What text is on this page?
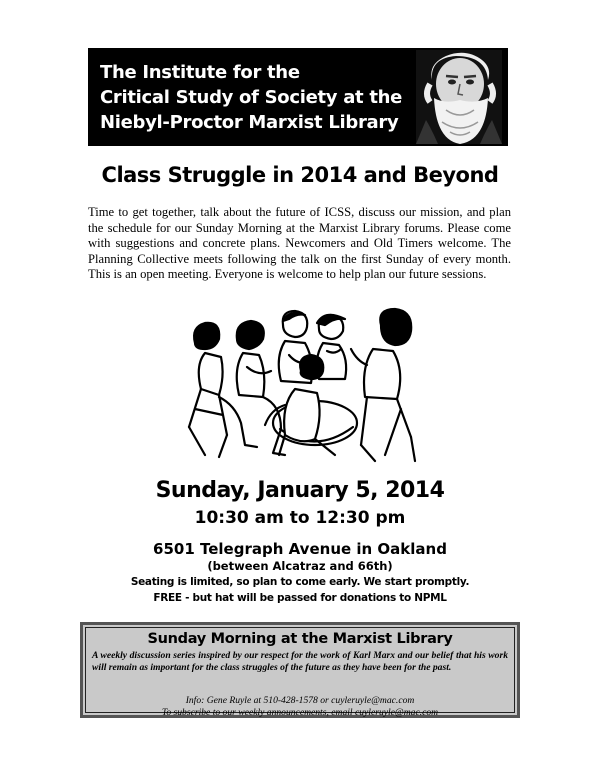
The Institute for the
Critical Study of Society at the
Niebyl-Proctor Marxist Library
Class Struggle in 2014 and Beyond
Time to get together, talk about the future of ICSS, discuss our mission, and plan the schedule for our Sunday Morning at the Marxist Library forums. Please come with suggestions and concrete plans. Newcomers and Old Timers welcome. The Planning Collective meets following the talk on the first Sunday of every month. This is an open meeting. Everyone is welcome to help plan our future sessions.
Sunday, January 5, 2014
10:30 am to 12:30 pm
6501 Telegraph Avenue in Oakland
(between Alcatraz and 66th)
Seating is limited, so plan to come early. We start promptly.
FREE - but hat will be passed for donations to NPML
Sunday Morning at the Marxist Library
A weekly discussion series inspired by our respect for the work of Karl Marx and our belief that his work will remain as important for the class struggles of the future as they have been for the past.
Info: Gene Ruyle at 510-428-1578 or cuyleruyle@mac.com
To subscribe to our weekly announcements, email cuyleruyle@mac.com
